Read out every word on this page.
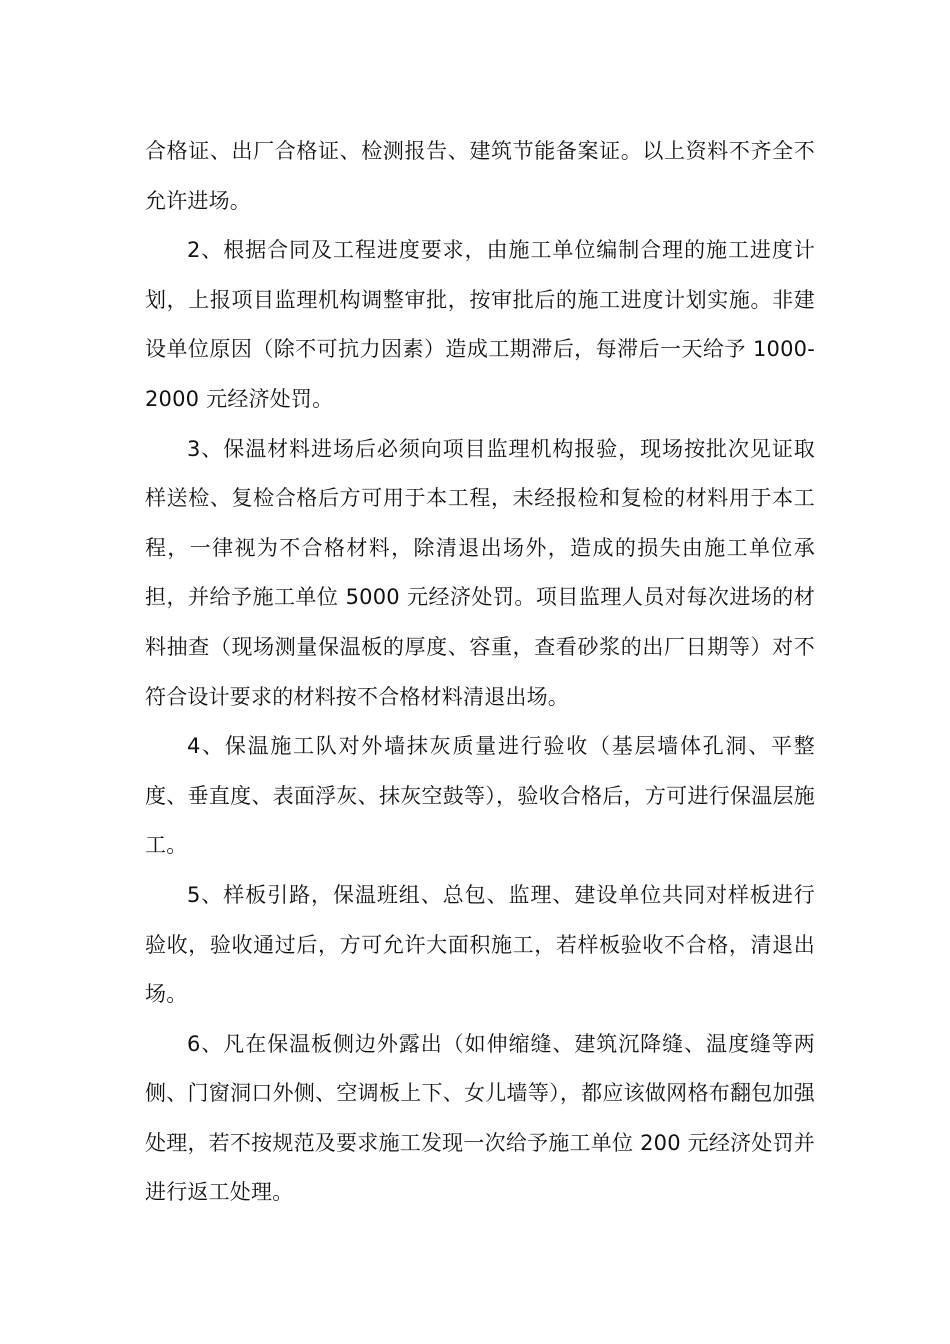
合格证、出厂合格证、检测报告、建筑节能备案证。以上资料不齐全不允许进场。

2、根据合同及工程进度要求，由施工单位编制合理的施工进度计划，上报项目监理机构调整审批，按审批后的施工进度计划实施。非建设单位原因（除不可抗力因素）造成工期滞后，每滞后一天给予 1000-2000 元经济处罚。

3、保温材料进场后必须向项目监理机构报验，现场按批次见证取样送检、复检合格后方可用于本工程，未经报检和复检的材料用于本工程，一律视为不合格材料，除清退出场外，造成的损失由施工单位承担，并给予施工单位 5000 元经济处罚。项目监理人员对每次进场的材料抽查（现场测量保温板的厚度、容重，查看砂浆的出厂日期等）对不符合设计要求的材料按不合格材料清退出场。

4、保温施工队对外墙抹灰质量进行验收（基层墙体孔洞、平整度、垂直度、表面浮灰、抹灰空鼓等），验收合格后，方可进行保温层施工。

5、样板引路，保温班组、总包、监理、建设单位共同对样板进行验收，验收通过后，方可允许大面积施工，若样板验收不合格，清退出场。

6、凡在保温板侧边外露出（如伸缩缝、建筑沉降缝、温度缝等两侧、门窗洞口外侧、空调板上下、女儿墙等），都应该做网格布翻包加强处理，若不按规范及要求施工发现一次给予施工单位 200 元经济处罚并进行返工处理。
